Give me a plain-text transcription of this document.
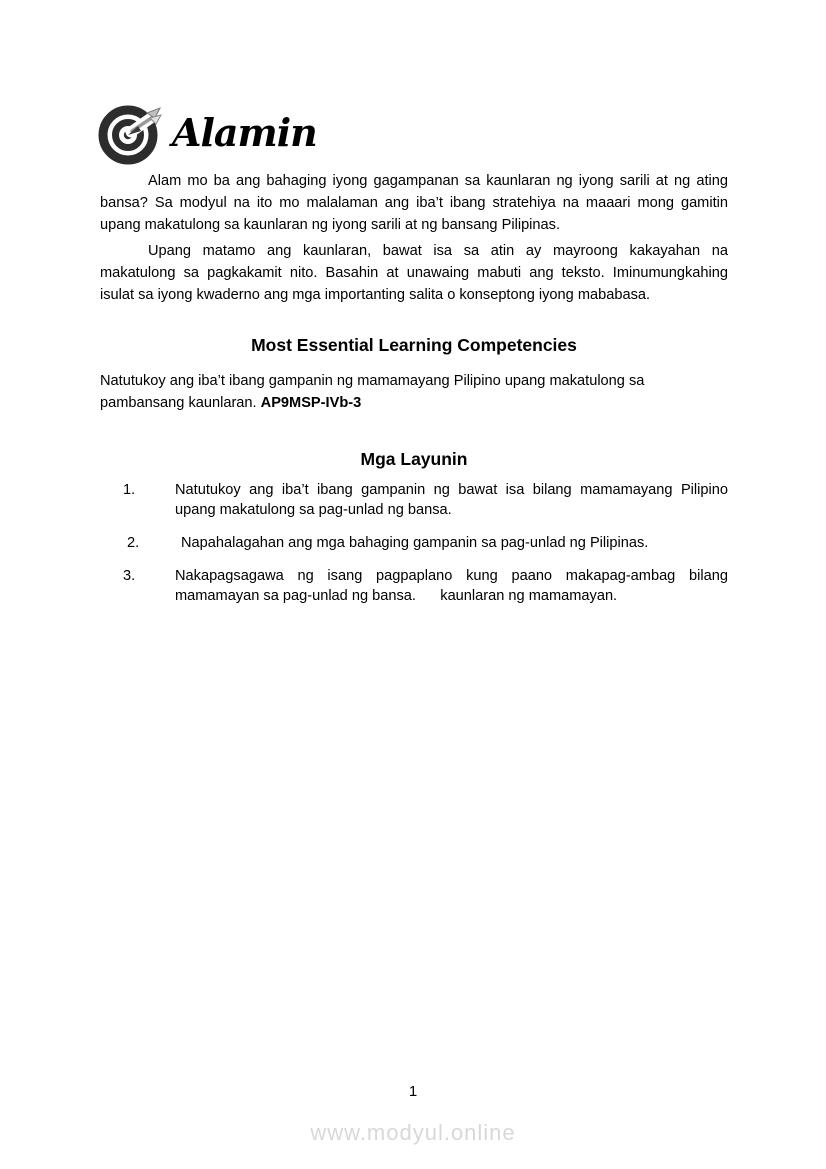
Alamin
Alam mo ba ang bahaging iyong gagampanan sa kaunlaran ng iyong sarili at ng ating
bansa? Sa modyul na ito mo malalaman ang iba’t ibang stratehiya na maaari mong gamitin
upang makatulong sa kaunlaran ng iyong sarili at ng bansang Pilipinas.
Upang matamo ang kaunlaran, bawat isa sa atin ay mayroong kakayahan na
makatulong sa pagkakamit nito. Basahin at unawaing mabuti ang teksto. Iminumungkahing
isulat sa iyong kwaderno ang mga importanting salita o konseptong iyong mababasa.
Most Essential Learning Competencies
Natutukoy ang iba’t ibang gampanin ng mamamayang Pilipino upang makatulong sa
pambansang kaunlaran. AP9MSP-IVb-3
Mga Layunin
1.	Natutukoy ang iba’t ibang gampanin ng bawat isa bilang mamamayang Pilipino
upang makatulong sa pag-unlad ng bansa.
2.	Napahalagahan ang mga bahaging gampanin sa pag-unlad ng Pilipinas.
3.	Nakapagsagawa ng isang pagpaplano kung paano makapag-ambag bilang
mamamayan sa pag-unlad ng bansa.      kaunlaran ng mamamayan.
1
www.modyul.online
